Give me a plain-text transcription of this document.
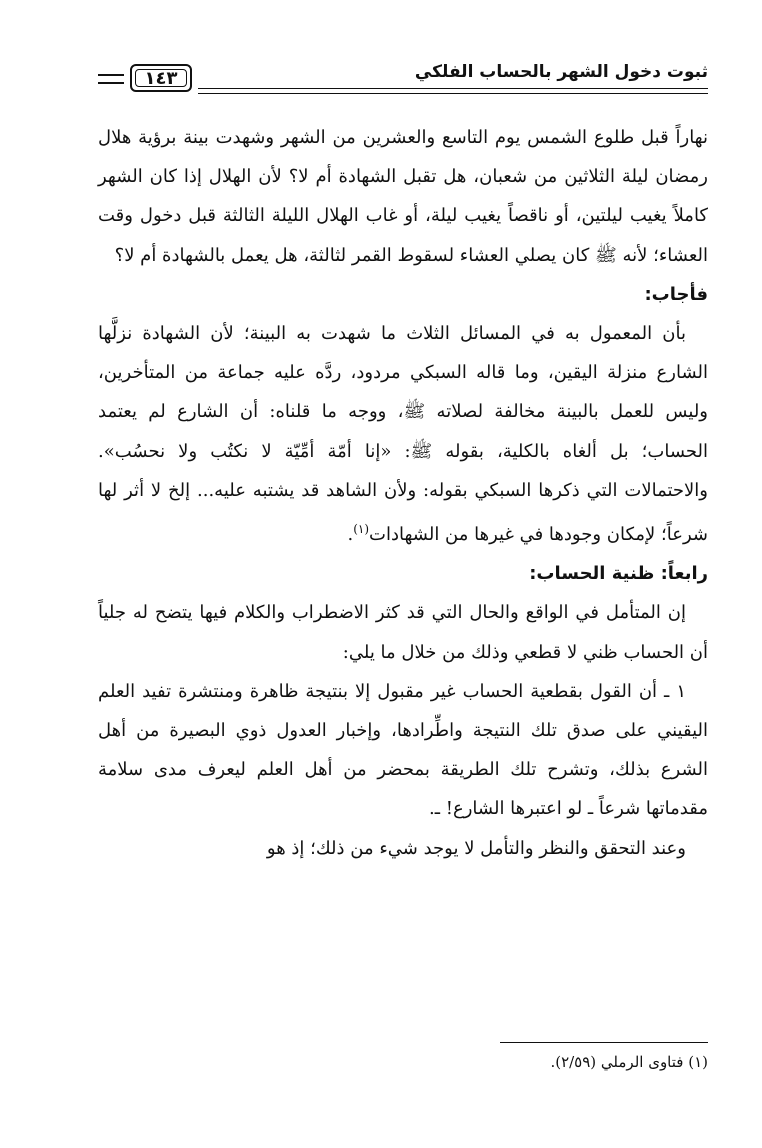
١٤٣	ثبوت دخول الشهر بالحساب الفلكي

نهاراً قبل طلوع الشمس يوم التاسع والعشرين من الشهر وشهدت بينة برؤية هلال رمضان ليلة الثلاثين من شعبان، هل تقبل الشهادة أم لا؟ لأن الهلال إذا كان الشهر كاملاً يغيب ليلتين، أو ناقصاً يغيب ليلة، أو غاب الهلال الليلة الثالثة قبل دخول وقت العشاء؛ لأنه ﷺ كان يصلي العشاء لسقوط القمر لثالثة، هل يعمل بالشهادة أم لا؟

فأجاب:

بأن المعمول به في المسائل الثلاث ما شهدت به البينة؛ لأن الشهادة نزلَّها الشارع منزلة اليقين، وما قاله السبكي مردود، ردَّه عليه جماعة من المتأخرين، وليس للعمل بالبينة مخالفة لصلاته ﷺ، ووجه ما قلناه: أن الشارع لم يعتمد الحساب؛ بل ألغاه بالكلية، بقوله ﷺ: «إنا أمّة أمِّيّة لا نكتُب ولا نحسُب». والاحتمالات التي ذكرها السبكي بقوله: ولأن الشاهد قد يشتبه عليه... إلخ لا أثر لها شرعاً؛ لإمكان وجودها في غيرها من الشهادات$^{(١)}$.

رابعاً: ظنية الحساب:

إن المتأمل في الواقع والحال التي قد كثر الاضطراب والكلام فيها يتضح له جلياً أن الحساب ظني لا قطعي وذلك من خلال ما يلي:

١ ـ أن القول بقطعية الحساب غير مقبول إلا بنتيجة ظاهرة ومنتشرة تفيد العلم اليقيني على صدق تلك النتيجة واطِّرادها، وإخبار العدول ذوي البصيرة من أهل الشرع بذلك، وتشرح تلك الطريقة بمحضر من أهل العلم ليعرف مدى سلامة مقدماتها شرعاً ـ لو اعتبرها الشارع! ـ.

وعند التحقق والنظر والتأمل لا يوجد شيء من ذلك؛ إذ هو

(١) فتاوى الرملي (٢/٥٩).
